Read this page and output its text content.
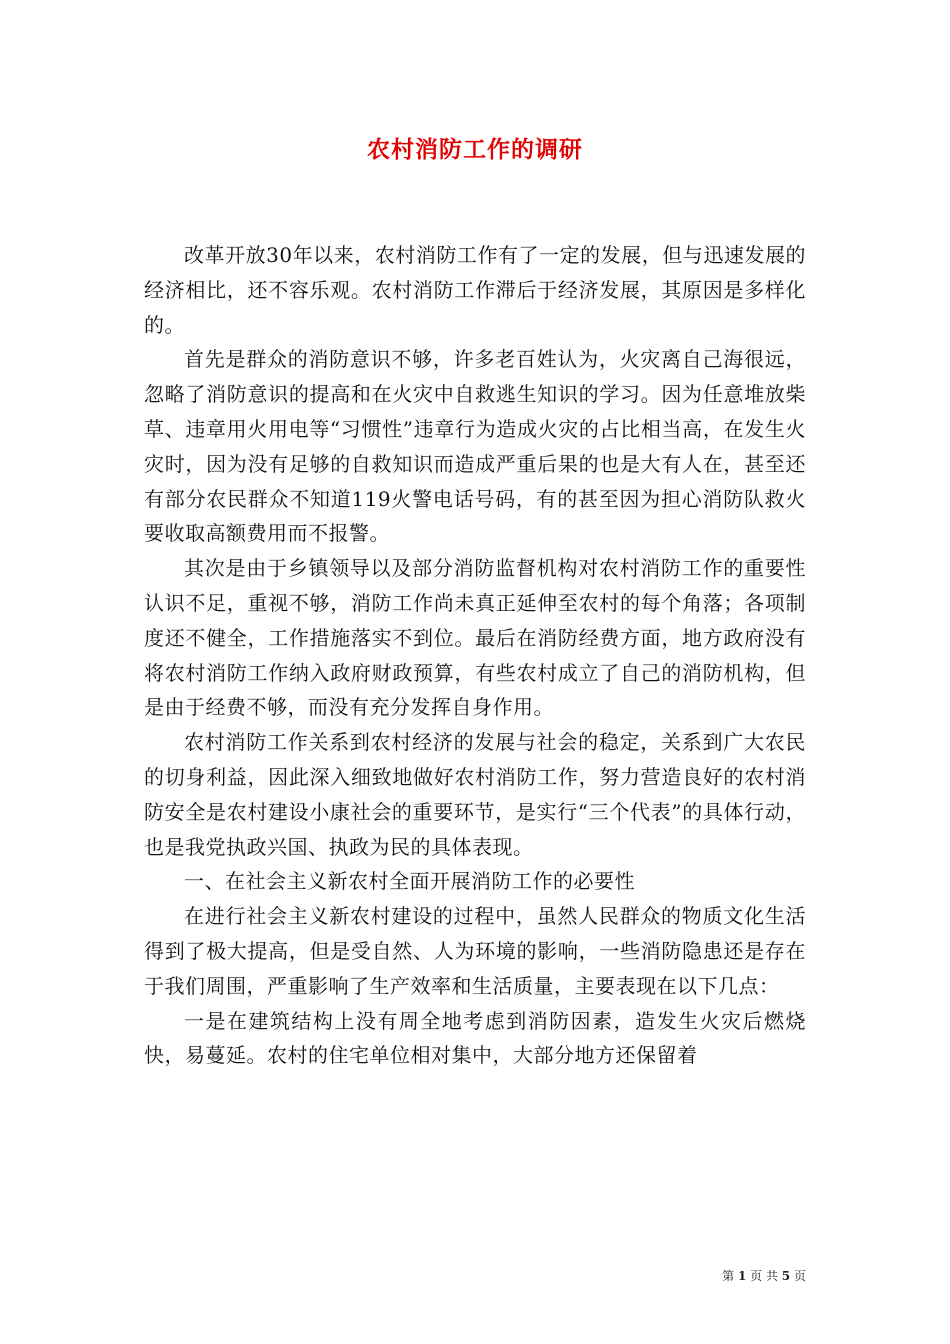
农村消防工作的调研

改革开放30年以来，农村消防工作有了一定的发展，但与迅速发展的经济相比，还不容乐观。农村消防工作滞后于经济发展，其原因是多样化的。

首先是群众的消防意识不够，许多老百姓认为，火灾离自己海很远，忽略了消防意识的提高和在火灾中自救逃生知识的学习。因为任意堆放柴草、违章用火用电等“习惯性”违章行为造成火灾的占比相当高，在发生火灾时，因为没有足够的自救知识而造成严重后果的也是大有人在，甚至还有部分农民群众不知道119火警电话号码，有的甚至因为担心消防队救火要收取高额费用而不报警。

其次是由于乡镇领导以及部分消防监督机构对农村消防工作的重要性认识不足，重视不够，消防工作尚未真正延伸至农村的每个角落；各项制度还不健全，工作措施落实不到位。最后在消防经费方面，地方政府没有将农村消防工作纳入政府财政预算，有些农村成立了自己的消防机构，但是由于经费不够，而没有充分发挥自身作用。

农村消防工作关系到农村经济的发展与社会的稳定，关系到广大农民的切身利益，因此深入细致地做好农村消防工作，努力营造良好的农村消防安全是农村建设小康社会的重要环节，是实行“三个代表”的具体行动，也是我党执政兴国、执政为民的具体表现。

一、在社会主义新农村全面开展消防工作的必要性

在进行社会主义新农村建设的过程中，虽然人民群众的物质文化生活得到了极大提高，但是受自然、人为环境的影响，一些消防隐患还是存在于我们周围，严重影响了生产效率和生活质量，主要表现在以下几点：

一是在建筑结构上没有周全地考虑到消防因素，造发生火灾后燃烧快，易蔓延。农村的住宅单位相对集中，大部分地方还保留着

第 1 页 共 5 页
